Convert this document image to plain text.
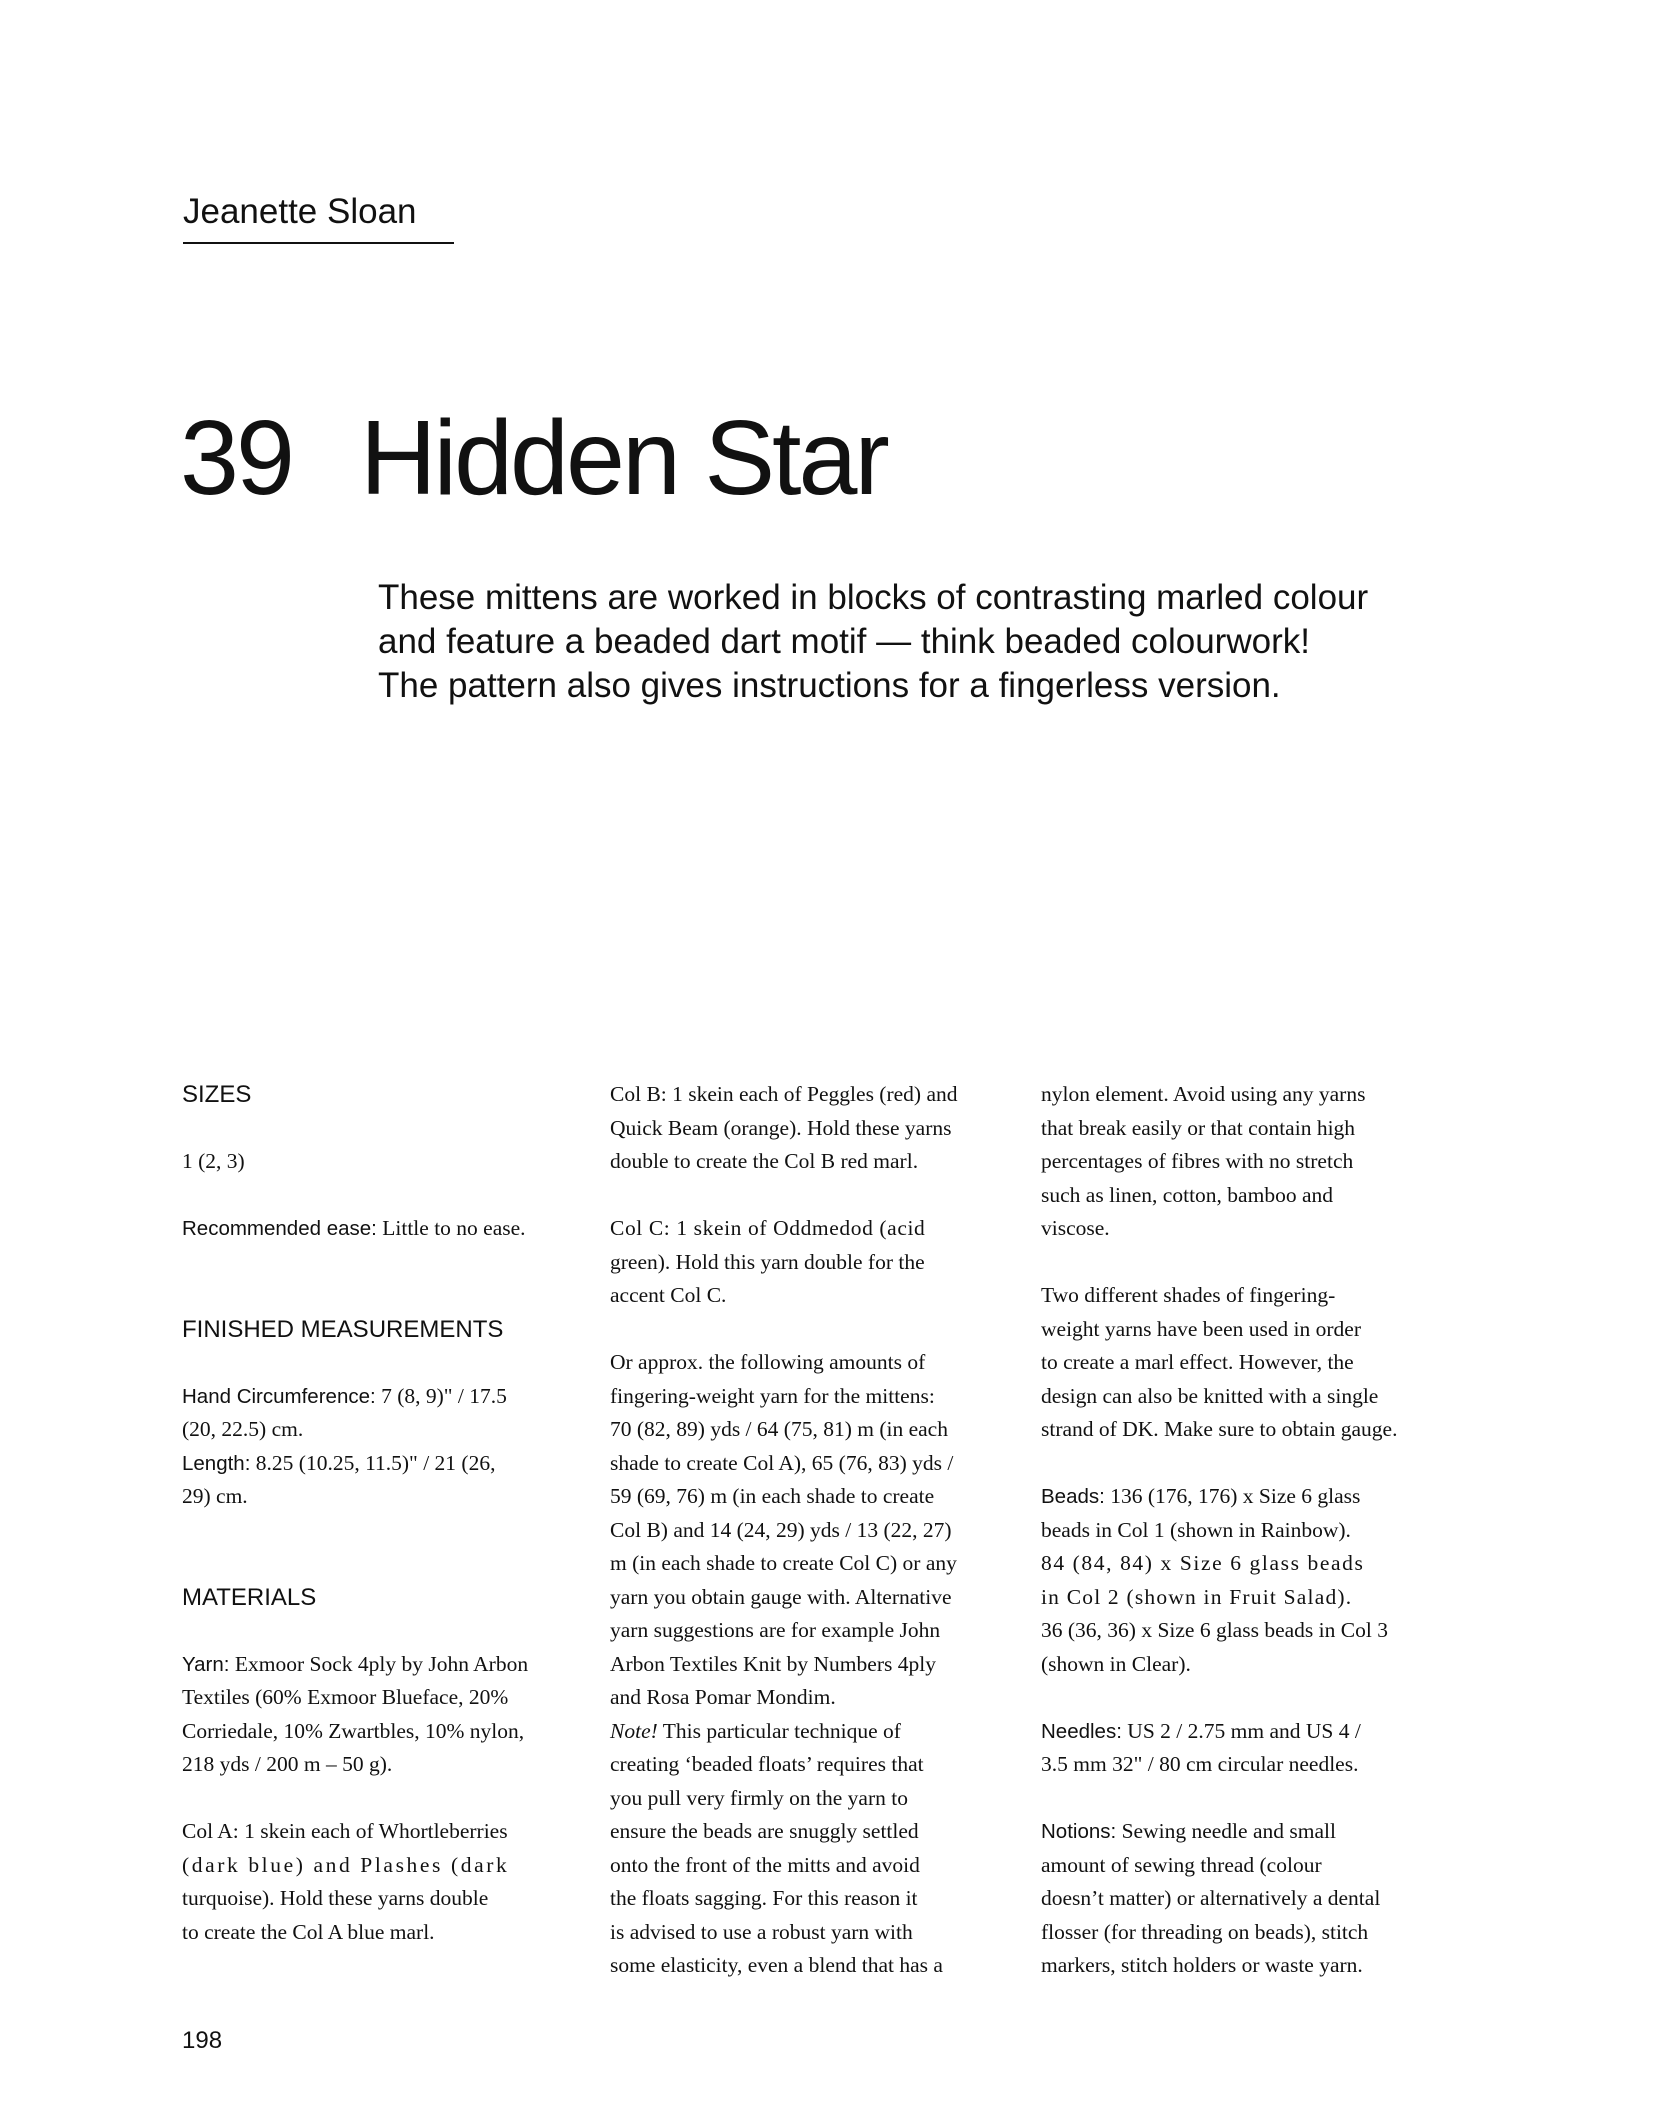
Jeanette Sloan
39 Hidden Star

These mittens are worked in blocks of contrasting marled colour
and feature a beaded dart motif — think beaded colourwork!
The pattern also gives instructions for a fingerless version.

SIZES
1 (2, 3)
Recommended ease: Little to no ease.
FINISHED MEASUREMENTS
Hand Circumference: 7 (8, 9)" / 17.5
(20, 22.5) cm.
Length: 8.25 (10.25, 11.5)" / 21 (26,
29) cm.
MATERIALS
Yarn: Exmoor Sock 4ply by John Arbon
Textiles (60% Exmoor Blueface, 20%
Corriedale, 10% Zwartbles, 10% nylon,
218 yds / 200 m – 50 g).
Col A: 1 skein each of Whortleberries
(dark blue) and Plashes (dark
turquoise). Hold these yarns double
to create the Col A blue marl.
Col B: 1 skein each of Peggles (red) and
Quick Beam (orange). Hold these yarns
double to create the Col B red marl.
Col C: 1 skein of Oddmedod (acid
green). Hold this yarn double for the
accent Col C.
Or approx. the following amounts of
fingering-weight yarn for the mittens:
70 (82, 89) yds / 64 (75, 81) m (in each
shade to create Col A), 65 (76, 83) yds /
59 (69, 76) m (in each shade to create
Col B) and 14 (24, 29) yds / 13 (22, 27)
m (in each shade to create Col C) or any
yarn you obtain gauge with. Alternative
yarn suggestions are for example John
Arbon Textiles Knit by Numbers 4ply
and Rosa Pomar Mondim.
Note! This particular technique of
creating ‘beaded floats’ requires that
you pull very firmly on the yarn to
ensure the beads are snuggly settled
onto the front of the mitts and avoid
the floats sagging. For this reason it
is advised to use a robust yarn with
some elasticity, even a blend that has a
nylon element. Avoid using any yarns
that break easily or that contain high
percentages of fibres with no stretch
such as linen, cotton, bamboo and
viscose.
Two different shades of fingering-
weight yarns have been used in order
to create a marl effect. However, the
design can also be knitted with a single
strand of DK. Make sure to obtain gauge.
Beads: 136 (176, 176) x Size 6 glass
beads in Col 1 (shown in Rainbow).
84 (84, 84) x Size 6 glass beads
in Col 2 (shown in Fruit Salad).
36 (36, 36) x Size 6 glass beads in Col 3
(shown in Clear).
Needles: US 2 / 2.75 mm and US 4 /
3.5 mm 32" / 80 cm circular needles.
Notions: Sewing needle and small
amount of sewing thread (colour
doesn’t matter) or alternatively a dental
flosser (for threading on beads), stitch
markers, stitch holders or waste yarn.
198
